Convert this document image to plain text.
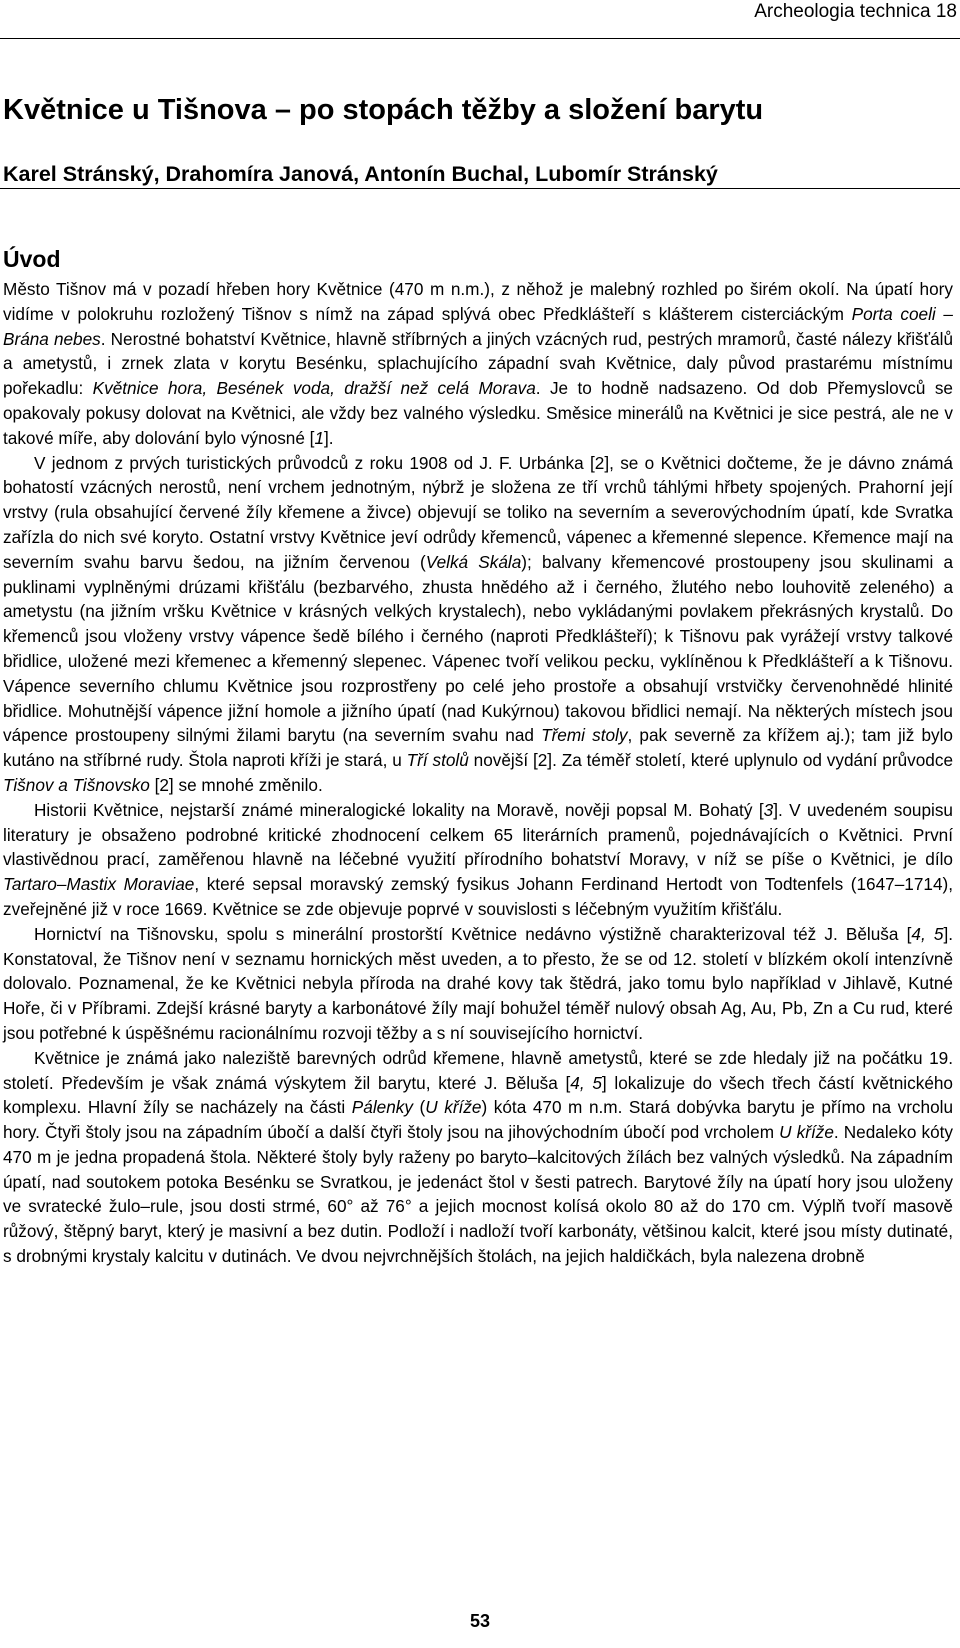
Archeologia technica 18
Květnice u Tišnova – po stopách těžby a složení barytu
Karel Stránský, Drahomíra Janová, Antonín Buchal, Lubomír Stránský
Úvod

Město Tišnov má v pozadí hřeben hory Květnice (470 m n.m.), z něhož je malebný rozhled po širém okolí. Na úpatí hory vidíme v polokruhu rozložený Tišnov s nímž na západ splývá obec Předklášteří s klášterem cisterciáckým Porta coeli – Brána nebes. Nerostné bohatství Květnice, hlavně stříbrných a jiných vzácných rud, pestrých mramorů, časté nálezy křišťálů a ametystů, i zrnek zlata v korytu Besénku, splachujícího západní svah Květnice, daly původ prastarému místnímu pořekadlu: Květnice hora, Besének voda, dražší než celá Morava. Je to hodně nadsazeno. Od dob Přemyslovců se opakovaly pokusy dolovat na Květnici, ale vždy bez valného výsledku. Směsice minerálů na Květnici je sice pestrá, ale ne v takové míře, aby dolování bylo výnosné [1].

V jednom z prvých turistických průvodců z roku 1908 od J. F. Urbánka [2], se o Květnici dočteme, že je dávno známá bohatostí vzácných nerostů, není vrchem jednotným, nýbrž je složena ze tří vrchů táhlými hřbety spojených. Prahorní její vrstvy (rula obsahující červené žíly křemene a živce) objevují se toliko na severním a severovýchodním úpatí, kde Svratka zařízla do nich své koryto. Ostatní vrstvy Květnice jeví odrůdy křemenců, vápenec a křemenné slepence. Křemence mají na severním svahu barvu šedou, na jižním červenou (Velká Skála); balvany křemencové prostoupeny jsou skulinami a puklinami vyplněnými drúzami křišťálu (bezbarvého, zhusta hnědého až i černého, žlutého nebo louhovitě zeleného) a ametystu (na jižním vršku Květnice v krásných velkých krystalech), nebo vykládanými povlakem překrásných krystalů. Do křemenců jsou vloženy vrstvy vápence šedě bílého i černého (naproti Předklášteří); k Tišnovu pak vyrážejí vrstvy talkové břidlice, uložené mezi křemenec a křemenný slepenec. Vápenec tvoří velikou pecku, vyklíněnou k Předklášteří a k Tišnovu. Vápence severního chlumu Květnice jsou rozprostřeny po celé jeho prostoře a obsahují vrstvičky červenohnědé hlinité břidlice. Mohutnější vápence jižní homole a jižního úpatí (nad Kukýrnou) takovou břidlici nemají. Na některých místech jsou vápence prostoupeny silnými žilami barytu (na severním svahu nad Třemi stoly, pak severně za křížem aj.); tam již bylo kutáno na stříbrné rudy. Štola naproti kříži je stará, u Tří stolů novější [2]. Za téměř století, které uplynulo od vydání průvodce Tišnov a Tišnovsko [2] se mnohé změnilo.

Historii Květnice, nejstarší známé mineralogické lokality na Moravě, nověji popsal M. Bohatý [3]. V uvedeném soupisu literatury je obsaženo podrobné kritické zhodnocení celkem 65 literárních pramenů, pojednávajících o Květnici. První vlastivědnou prací, zaměřenou hlavně na léčebné využití přírodního bohatství Moravy, v níž se píše o Květnici, je dílo Tartaro–Mastix Moraviae, které sepsal moravský zemský fysikus Johann Ferdinand Hertodt von Todtenfels (1647–1714), zveřejněné již v roce 1669. Květnice se zde objevuje poprvé v souvislosti s léčebným využitím křišťálu.

Hornictví na Tišnovsku, spolu s minerální prostorští Květnice nedávno výstižně charakterizoval též J. Běluša [4, 5]. Konstatoval, že Tišnov není v seznamu hornických měst uveden, a to přesto, že se od 12. století v blízkém okolí intenzívně dolovalo. Poznamenal, že ke Květnici nebyla příroda na drahé kovy tak štědrá, jako tomu bylo například v Jihlavě, Kutné Hoře, či v Příbrami. Zdejší krásné baryty a karbonátové žíly mají bohužel téměř nulový obsah Ag, Au, Pb, Zn a Cu rud, které jsou potřebné k úspěšnému racionálnímu rozvoji těžby a s ní souvisejícího hornictví.

Květnice je známá jako naleziště barevných odrůd křemene, hlavně ametystů, které se zde hledaly již na počátku 19. století. Především je však známá výskytem žil barytu, které J. Běluša [4, 5] lokalizuje do všech třech částí květnického komplexu. Hlavní žíly se nacházely na části Pálenky (U kříže) kóta 470 m n.m. Stará dobývka barytu je přímo na vrcholu hory. Čtyři štoly jsou na západním úbočí a další čtyři štoly jsou na jihovýchodním úbočí pod vrcholem U kříže. Nedaleko kóty 470 m je jedna propadená štola. Některé štoly byly raženy po baryto–kalcitových žílách bez valných výsledků. Na západním úpatí, nad soutokem potoka Besénku se Svratkou, je jedenáct štol v šesti patrech. Barytové žíly na úpatí hory jsou uloženy ve svratecké žulo–rule, jsou dosti strmé, 60° až 76° a jejich mocnost kolísá okolo 80 až do 170 cm. Výplň tvoří masově růžový, štěpný baryt, který je masivní a bez dutin. Podloží i nadloží tvoří karbonáty, většinou kalcit, které jsou místy dutinaté, s drobnými krystaly kalcitu v dutinách. Ve dvou nejvrchnějších štolách, na jejich haldičkách, byla nalezena drobně

53
